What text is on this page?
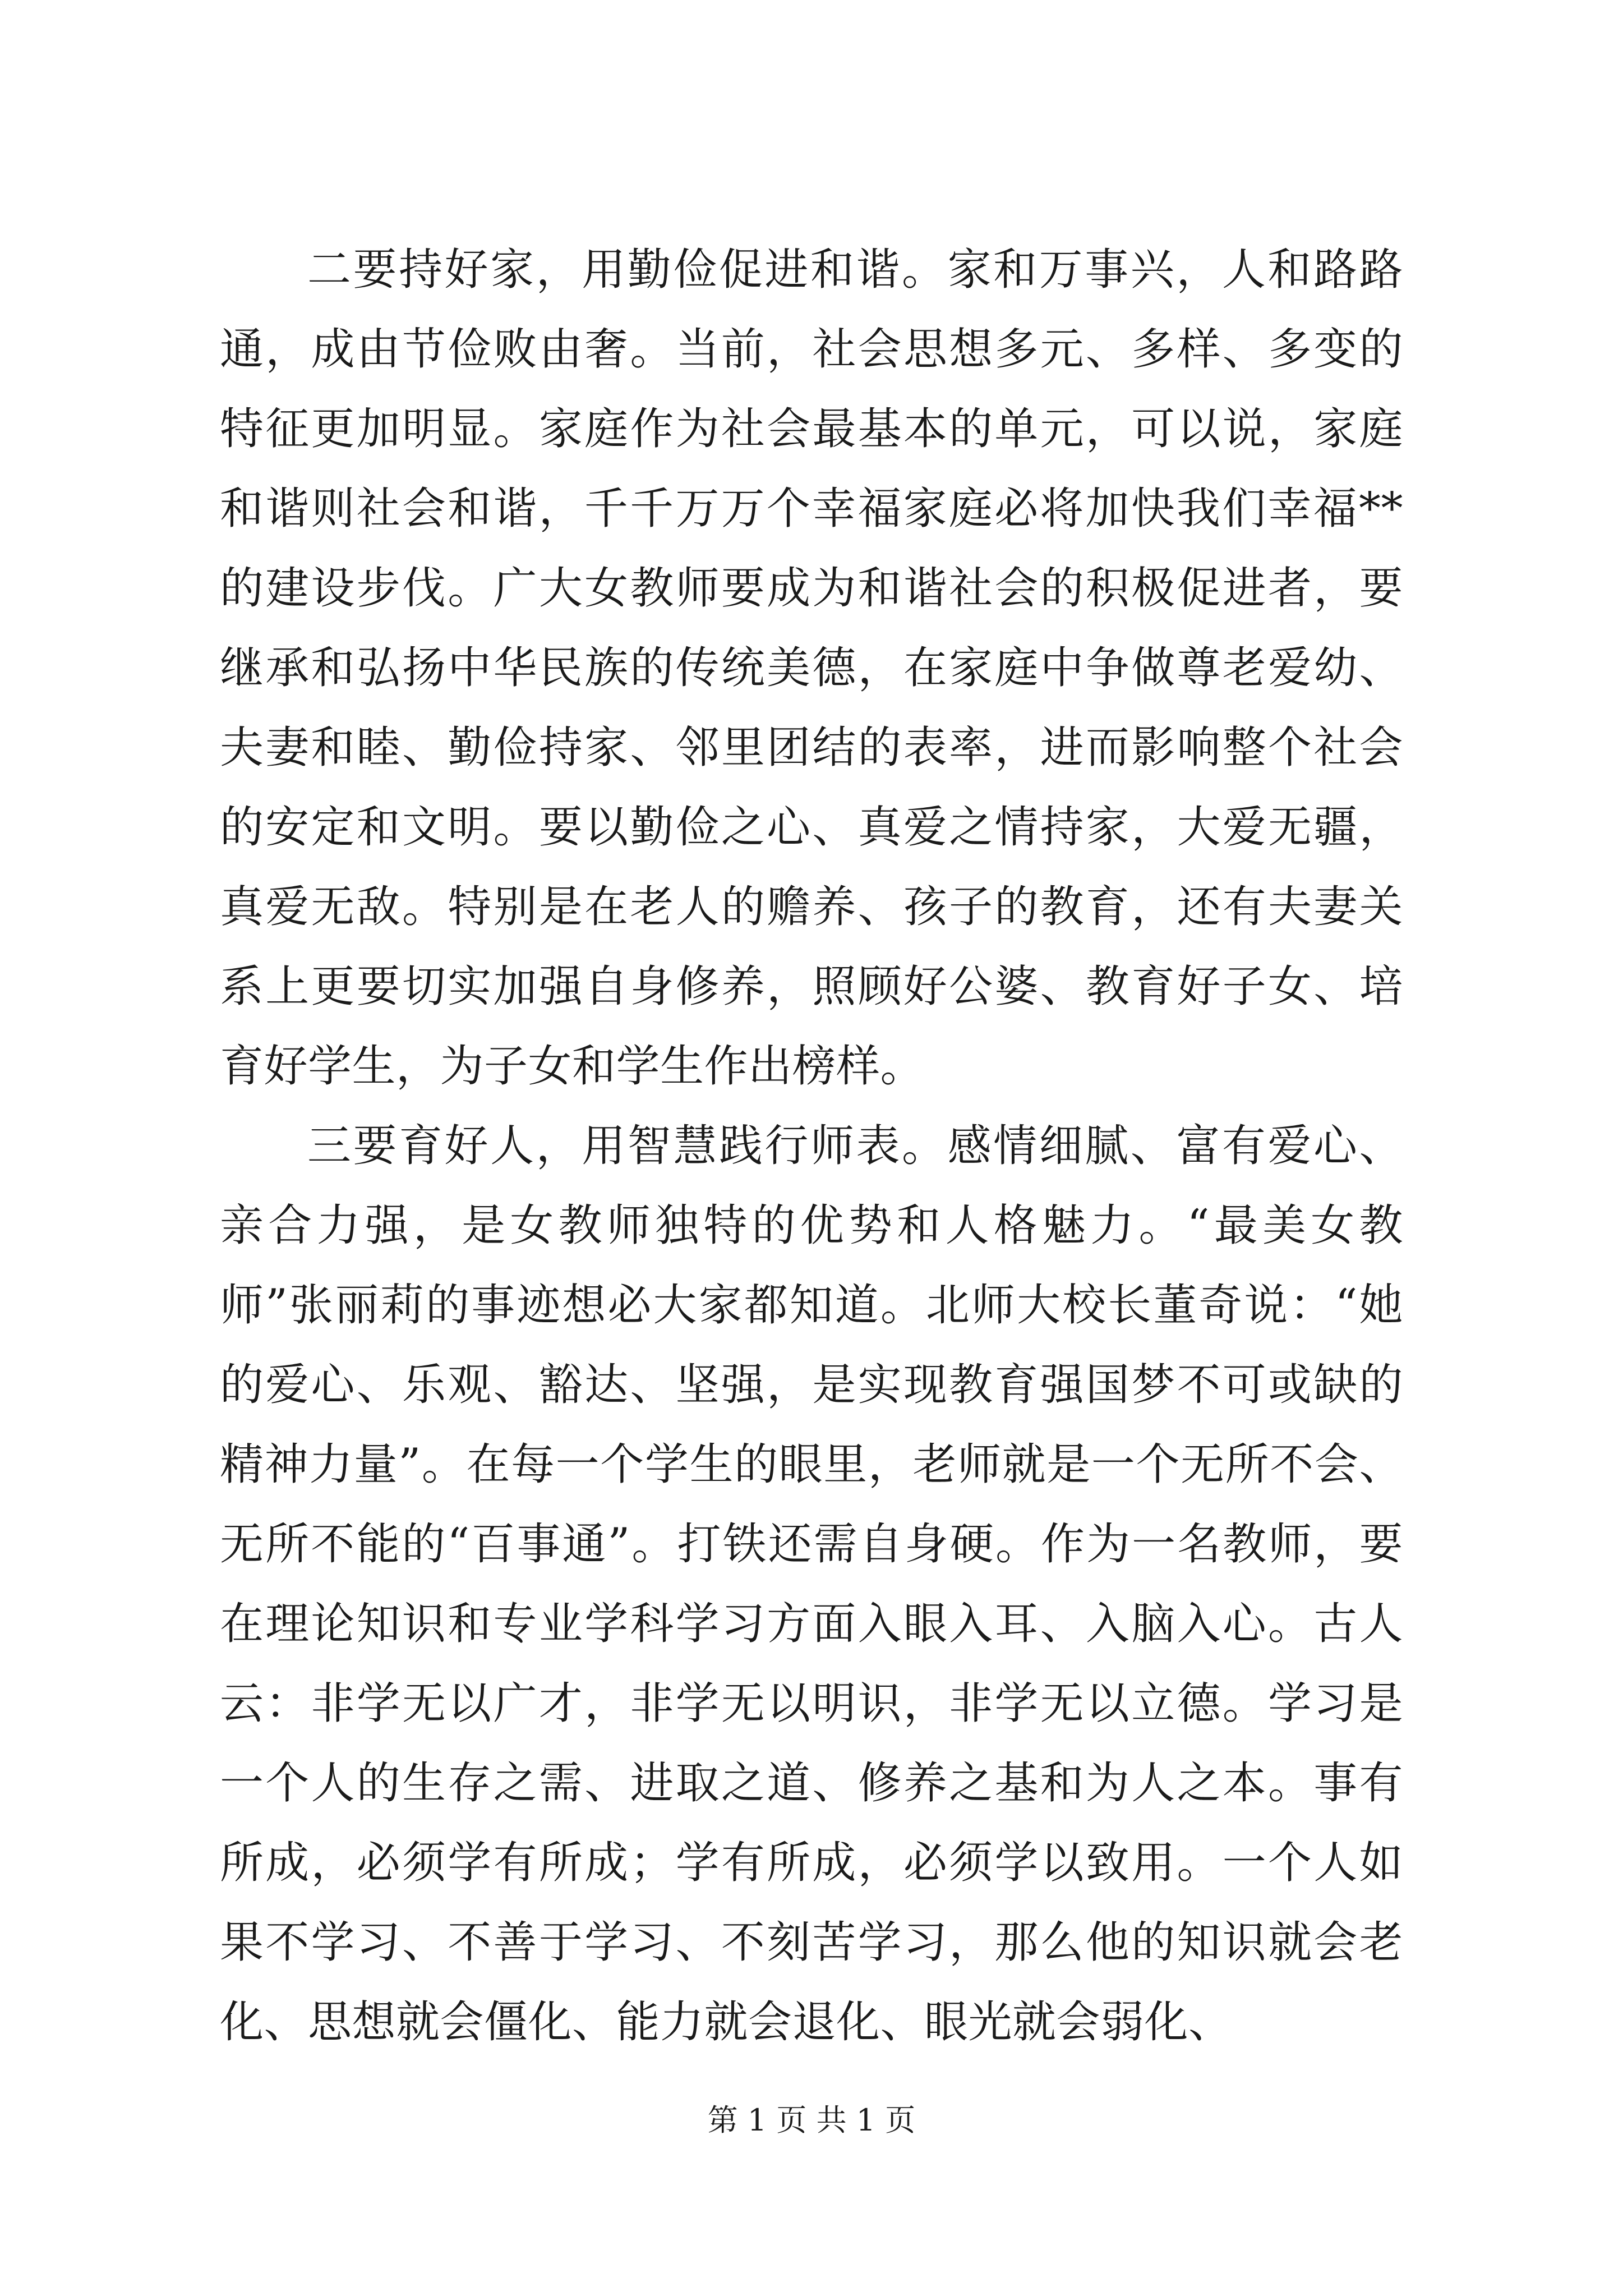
二要持好家，用勤俭促进和谐。家和万事兴，人和路路通，成由节俭败由奢。当前，社会思想多元、多样、多变的特征更加明显。家庭作为社会最基本的单元，可以说，家庭和谐则社会和谐，千千万万个幸福家庭必将加快我们幸福**的建设步伐。广大女教师要成为和谐社会的积极促进者，要继承和弘扬中华民族的传统美德，在家庭中争做尊老爱幼、夫妻和睦、勤俭持家、邻里团结的表率，进而影响整个社会的安定和文明。要以勤俭之心、真爱之情持家，大爱无疆，真爱无敌。特别是在老人的赡养、孩子的教育，还有夫妻关系上更要切实加强自身修养，照顾好公婆、教育好子女、培育好学生，为子女和学生作出榜样。

三要育好人，用智慧践行师表。感情细腻、富有爱心、亲合力强，是女教师独特的优势和人格魅力。“最美女教师”张丽莉的事迹想必大家都知道。北师大校长董奇说：“她的爱心、乐观、豁达、坚强，是实现教育强国梦不可或缺的精神力量”。在每一个学生的眼里，老师就是一个无所不会、无所不能的“百事通”。打铁还需自身硬。作为一名教师，要在理论知识和专业学科学习方面入眼入耳、入脑入心。古人云：非学无以广才，非学无以明识，非学无以立德。学习是一个人的生存之需、进取之道、修养之基和为人之本。事有所成，必须学有所成；学有所成，必须学以致用。一个人如果不学习、不善于学习、不刻苦学习，那么他的知识就会老化、思想就会僵化、能力就会退化、眼光就会弱化、

第 1 页 共 1 页
